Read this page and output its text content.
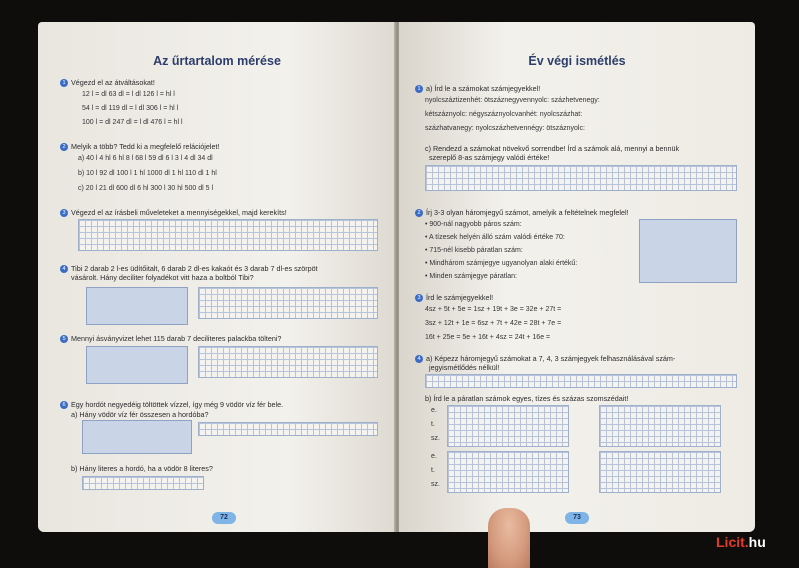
Az űrtartalom mérése
1 Végezd el az átváltásokat!
12 l = dl 63 dl = l dl 126 l = hl l
54 l = dl 119 dl = l dl 306 l = hl l
100 l = dl 247 dl = l dl 476 l = hl l
2 Melyik a több? Tedd ki a megfelelő relációjelet!
a) 40 l 4 hl 6 hl 8 l 68 l 59 dl 6 l 3 l 4 dl 34 dl
b) 10 l 92 dl 100 l 1 hl 1000 dl 1 hl 110 dl 1 hl
c) 20 l 21 dl 600 dl 6 hl 300 l 30 hl 500 dl 5 l
3 Végezd el az írásbeli műveleteket a mennyiségekkel, majd kerekíts!
4 Tibi 2 darab 2 l-es üdítőitalt, 6 darab 2 dl-es kakaót és 3 darab 7 dl-es szörpöt
vásárolt. Hány deciliter folyadékot vitt haza a boltból Tibi?
5 Mennyi ásványvizet lehet 115 darab 7 deciliteres palackba tölteni?
6 Egy hordót negyedéig töltöttek vízzel, így még 9 vödör víz fér bele.
a) Hány vödör víz fér összesen a hordóba?
b) Hány literes a hordó, ha a vödör 8 literes?
72
Év végi ismétlés
1 a) Írd le a számokat számjegyekkel!
nyolcszáztizenhét: ötszáznegyvennyolc: százhetvenegy:
kétszáznyolc: négyszáznyolcvanhét: nyolcszázhat:
százhatvanegy: nyolcszázhetvennégy: ötszáznyolc:
c) Rendezd a számokat növekvő sorrendbe! Írd a számok alá, mennyi a bennük
szereplő 8-as számjegy valódi értéke!
2 Írj 3-3 olyan háromjegyű számot, amelyik a feltételnek megfelel!
• 900-nál nagyobb páros szám:
• A tízesek helyén álló szám valódi értéke 70:
• 715-nél kisebb páratlan szám:
• Mindhárom számjegye ugyanolyan alaki értékű:
• Minden számjegye páratlan:
3 Írd le számjegyekkel!
4sz + 5t + 5e = 1sz + 19t + 3e = 32e + 27t =
3sz + 12t + 1e = 6sz + 7t + 42e = 28t + 7e =
16t + 25e = 5e + 16t + 4sz = 24t + 16e =
4 a) Képezz háromjegyű számokat a 7, 4, 3 számjegyek felhasználásával szám-
jegyismétlődés nélkül!
b) Írd le a páratlan számok egyes, tízes és százas szomszédait!
e.
t.
sz.
e.
t.
sz.
73
Licit.hu
